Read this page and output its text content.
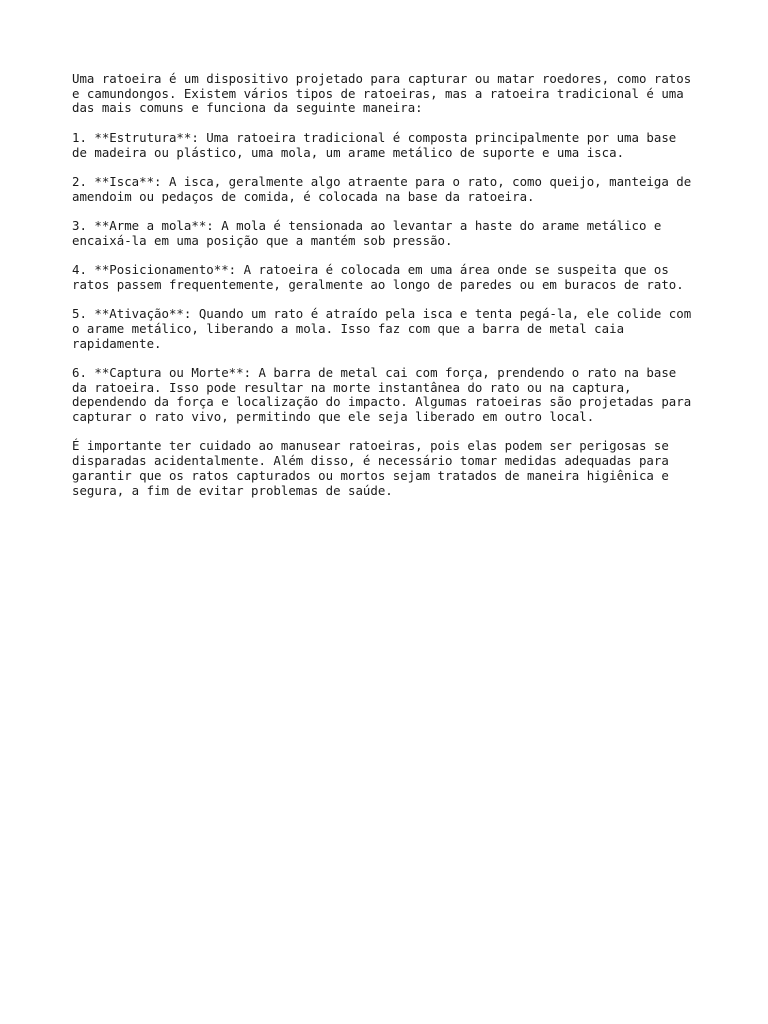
Uma ratoeira é um dispositivo projetado para capturar ou matar roedores, como ratos
e camundongos. Existem vários tipos de ratoeiras, mas a ratoeira tradicional é uma
das mais comuns e funciona da seguinte maneira:

1. **Estrutura**: Uma ratoeira tradicional é composta principalmente por uma base
de madeira ou plástico, uma mola, um arame metálico de suporte e uma isca.

2. **Isca**: A isca, geralmente algo atraente para o rato, como queijo, manteiga de
amendoim ou pedaços de comida, é colocada na base da ratoeira.

3. **Arme a mola**: A mola é tensionada ao levantar a haste do arame metálico e
encaixá-la em uma posição que a mantém sob pressão.

4. **Posicionamento**: A ratoeira é colocada em uma área onde se suspeita que os
ratos passem frequentemente, geralmente ao longo de paredes ou em buracos de rato.

5. **Ativação**: Quando um rato é atraído pela isca e tenta pegá-la, ele colide com
o arame metálico, liberando a mola. Isso faz com que a barra de metal caia
rapidamente.

6. **Captura ou Morte**: A barra de metal cai com força, prendendo o rato na base
da ratoeira. Isso pode resultar na morte instantânea do rato ou na captura,
dependendo da força e localização do impacto. Algumas ratoeiras são projetadas para
capturar o rato vivo, permitindo que ele seja liberado em outro local.

É importante ter cuidado ao manusear ratoeiras, pois elas podem ser perigosas se
disparadas acidentalmente. Além disso, é necessário tomar medidas adequadas para
garantir que os ratos capturados ou mortos sejam tratados de maneira higiênica e
segura, a fim de evitar problemas de saúde.
